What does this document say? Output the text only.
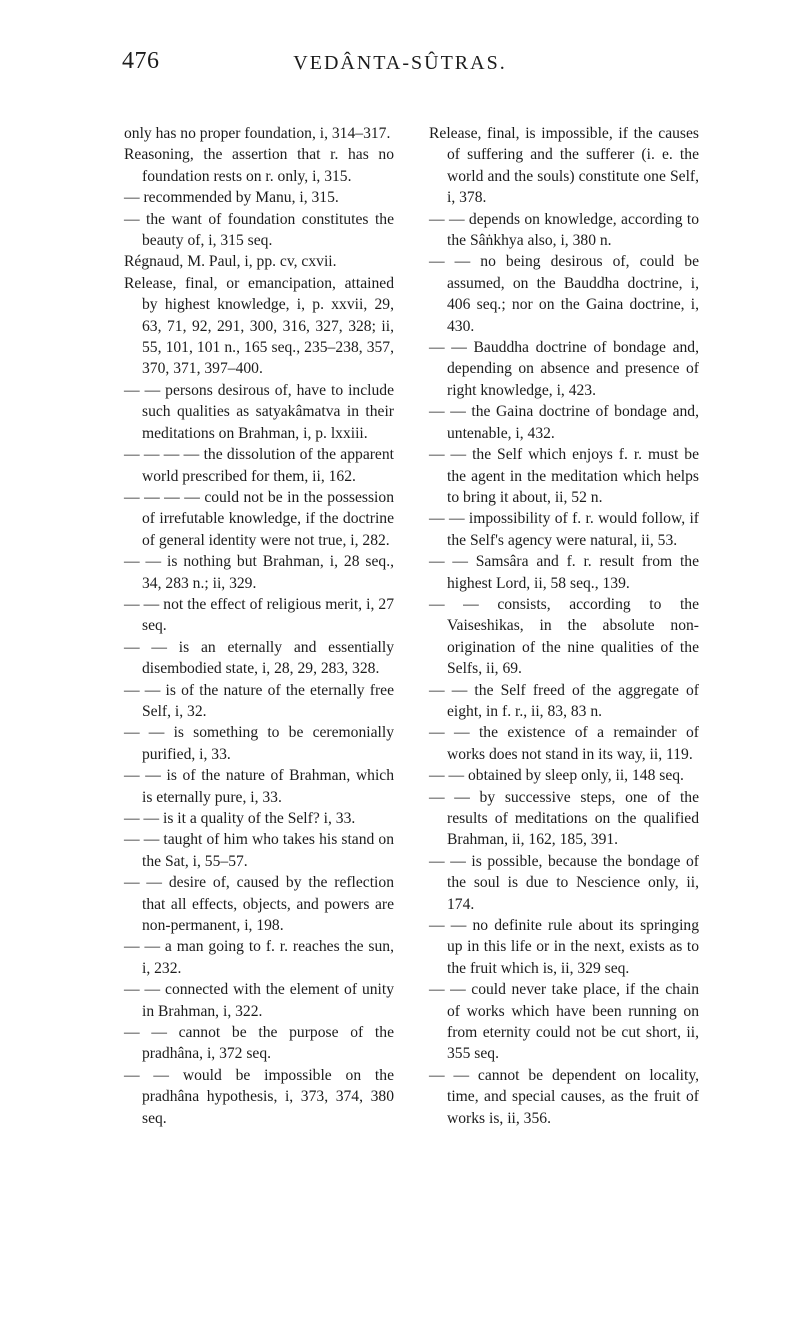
476	VEDÂNTA-SÛTRAS.
only has no proper foundation, i, 314–317.
Reasoning, the assertion that r. has no foundation rests on r. only, i, 315.
— recommended by Manu, i, 315.
— the want of foundation constitutes the beauty of, i, 315 seq.
Régnaud, M. Paul, i, pp. cv, cxvii.
Release, final, or emancipation, attained by highest knowledge, i, p. xxvii, 29, 63, 71, 92, 291, 300, 316, 327, 328; ii, 55, 101, 101 n., 165 seq., 235–238, 357, 370, 371, 397–400.
— — persons desirous of, have to include such qualities as satyakâmatva in their meditations on Brahman, i, p. lxxiii.
— — — — the dissolution of the apparent world prescribed for them, ii, 162.
— — — — could not be in the possession of irrefutable knowledge, if the doctrine of general identity were not true, i, 282.
— — is nothing but Brahman, i, 28 seq., 34, 283 n.; ii, 329.
— — not the effect of religious merit, i, 27 seq.
— — is an eternally and essentially disembodied state, i, 28, 29, 283, 328.
— — is of the nature of the eternally free Self, i, 32.
— — is something to be ceremonially purified, i, 33.
— — is of the nature of Brahman, which is eternally pure, i, 33.
— — is it a quality of the Self? i, 33.
— — taught of him who takes his stand on the Sat, i, 55–57.
— — desire of, caused by the reflection that all effects, objects, and powers are non-permanent, i, 198.
— — a man going to f. r. reaches the sun, i, 232.
— — connected with the element of unity in Brahman, i, 322.
— — cannot be the purpose of the pradhâna, i, 372 seq.
— — would be impossible on the pradhâna hypothesis, i, 373, 374, 380 seq.
Release, final, is impossible, if the causes of suffering and the sufferer (i. e. the world and the souls) constitute one Self, i, 378.
— — depends on knowledge, according to the Sâṅkhya also, i, 380 n.
— — no being desirous of, could be assumed, on the Bauddha doctrine, i, 406 seq.; nor on the Gaina doctrine, i, 430.
— — Bauddha doctrine of bondage and, depending on absence and presence of right knowledge, i, 423.
— — the Gaina doctrine of bondage and, untenable, i, 432.
— — the Self which enjoys f. r. must be the agent in the meditation which helps to bring it about, ii, 52 n.
— — impossibility of f. r. would follow, if the Self's agency were natural, ii, 53.
— — Samsâra and f. r. result from the highest Lord, ii, 58 seq., 139.
— — consists, according to the Vaiseshikas, in the absolute non-origination of the nine qualities of the Selfs, ii, 69.
— — the Self freed of the aggregate of eight, in f. r., ii, 83, 83 n.
— — the existence of a remainder of works does not stand in its way, ii, 119.
— — obtained by sleep only, ii, 148 seq.
— — by successive steps, one of the results of meditations on the qualified Brahman, ii, 162, 185, 391.
— — is possible, because the bondage of the soul is due to Nescience only, ii, 174.
— — no definite rule about its springing up in this life or in the next, exists as to the fruit which is, ii, 329 seq.
— — could never take place, if the chain of works which have been running on from eternity could not be cut short, ii, 355 seq.
— — cannot be dependent on locality, time, and special causes, as the fruit of works is, ii, 356.
